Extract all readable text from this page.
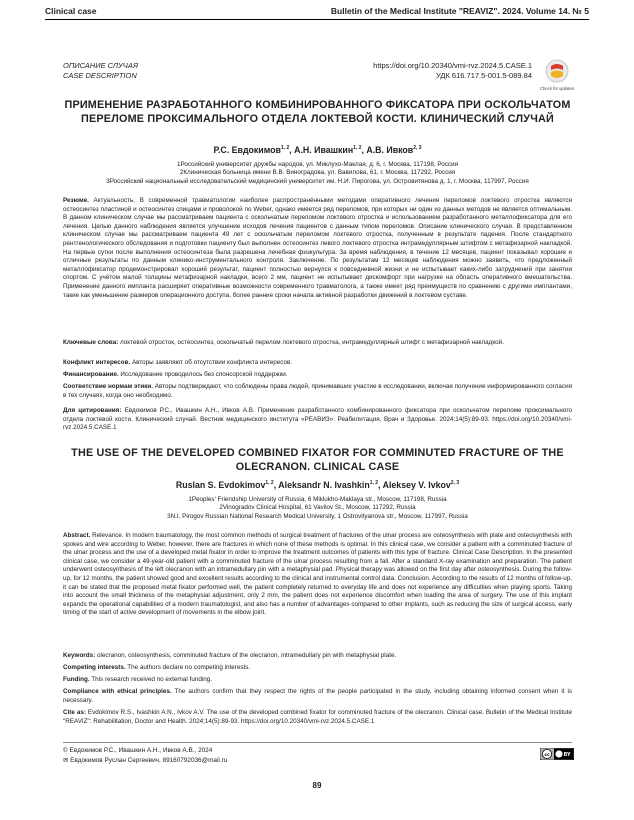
Clinical case	Bulletin of the Medical Institute "REAVIZ". 2024. Volume 14. № 5
ОПИСАНИЕ СЛУЧАЯ
CASE DESCRIPTION
https://doi.org/10.20340/vmi-rvz.2024.5.CASE.1
УДК 616.717.5-001.5-089.84
Check for updates
ПРИМЕНЕНИЕ РАЗРАБОТАННОГО КОМБИНИРОВАННОГО ФИКСАТОРА ПРИ ОСКОЛЬЧАТОМ ПЕРЕЛОМЕ ПРОКСИМАЛЬНОГО ОТДЕЛА ЛОКТЕВОЙ КОСТИ. КЛИНИЧЕСКИЙ СЛУЧАЙ
Р.С. Евдокимов$^{1, 2}$, А.Н. Ивашкин$^{1, 2}$, А.В. Ивков$^{2, 3}$
1Российский университет дружбы народов, ул. Миклухо-Маклая, д. 6, г. Москва, 117198, Россия
2Клиническая больница имени В.В. Виноградова, ул. Вавилова, 61, г. Москва, 117292, Россия
3Российский национальный исследовательский медицинский университет им. Н.И. Пирогова, ул. Островитянова д. 1, г. Москва, 117997, Россия
Резюме. Актуальность. В современной травматологии наиболее распространёнными методами оперативного лечения переломов локтевого отростка являются остеосинтез пластиной и остеосинтез спицами и проволокой по Weber, однако имеется ряд переломов, при которых ни один из данных методов не является оптимальным. В данном клиническом случае мы рассматриваем пациента с оскольчатым переломом локтевого отростка и использованием разработанного металлофиксатора для его лечения. Целью данного наблюдения является улучшение исходов лечения пациентов с данным типом переломов. Описание клинического случая. В представленном клиническом случае мы рассматриваем пациента 49 лет с оскольчатым переломом локтевого отростка, полученным в результате падения. После стандартного рентгенологического обследования и подготовки пациенту был выполнен остеосинтез левого локтевого отростка интрамедуллярным штифтом с метафизарной накладкой. На первые сутки после выполнения остеосинтеза была разрешена лечебная физкультура. За время наблюдения, в течение 12 месяцев, пациент показывал хорошие и отличные результаты по данным клинико-инструментального контроля. Заключение. По результатам 12 месяцев наблюдения можно заявить, что предложенный металлофиксатор продемонстрировал хороший результат, пациент полностью вернулся к повседневной жизни и не испытывает каких-либо затруднений при занятии спортом. С учётом малой толщины метафизарной накладки, всего 2 мм, пациент не испытывает дискомфорт при нагрузке на область оперативного вмешательства. Применение данного импланта расширяет оперативные возможности современного травматолога, а также имеет ряд преимуществ по сравнению с другими имплантами, такие как уменьшение размеров операционного доступа, более ранние сроки начала активной разработки движений в локтевом суставе.
Ключевые слова: локтевой отросток, остеосинтез, оскольчатый перелом локтевого отростка, интрамедуллярный штифт с метафизарной накладкой.
Конфликт интересов. Авторы заявляют об отсутствии конфликта интересов.
Финансирование. Исследование проводилось без спонсорской поддержки.
Соответствие нормам этики. Авторы подтверждают, что соблюдены права людей, принимавших участие в исследовании, включая получение информированного согласия в тех случаях, когда оно необходимо.
Для цитирования: Евдокимов Р.С., Ивашкин А.Н., Ивков А.В. Применение разработанного комбинированного фиксатора при оскольчатом переломе проксимального отдела локтевой кости. Клинический случай. Вестник медицинского института «РЕАВИЗ»: Реабилитация, Врач и Здоровье. 2024;14(5):89-93. https://doi.org/10.20340/vmi-rvz.2024.5.CASE.1
THE USE OF THE DEVELOPED COMBINED FIXATOR FOR COMMINUTED FRACTURE OF THE OLECRANON. CLINICAL CASE
Ruslan S. Evdokimov$^{1, 2}$, Aleksandr N. Ivashkin$^{1, 2}$, Aleksey V. Ivkov$^{2, 3}$
1Peoples' Friendship University of Russia, 6 Miklukho-Maklaya str., Moscow, 117198, Russia
2Vinogradov Clinical Hospital, 61 Vavilov St., Moscow, 117292, Russia
3N.I. Pirogov Russian National Research Medical University, 1 Ostrovityanova str., Moscow, 117997, Russia
Abstract. Relevance. In modern traumatology, the most common methods of surgical treatment of fractures of the ulnar process are osteosynthesis with plate and osteosynthesis with spokes and wire according to Weber, however, there are fractures in which none of these methods is optimal. In this clinical case, we consider a patient with a comminuted fracture of the ulnar process and the use of a developed metal fixator in order to improve the treatment outcomes of patients with this type of fracture. Clinical Case Description. In the presented clinical case, we consider a 49-year-old patient with a comminuted fracture of the ulnar process resulting from a fall. After a standard X-ray examination and preparation. The patient underwent osteosynthesis of the left olecranon with an intramedullary pin with a metaphysial pad. Physical therapy was allowed on the first day after osteosynthesis. During the follow-up, for 12 months, the patient showed good and excellent results according to the clinical and instrumental control data. Conclusion. According to the results of 12 months of follow-up, it can be stated that the proposed metal fixator performed well, the patient completely returned to everyday life and does not experience any difficulties when playing sports. Taking into account the small thickness of the metaphysial adjustment, only 2 mm, the patient does not experience discomfort when loading the area of surgery. The use of this implant expands the operational capabilities of a modern traumatologist, and also has a number of advantages compared to other implants, such as reducing the size of surgical access, early timing of the start of active development of movements in the elbow joint.
Keywords: olecranon, osteosynthesis, comminuted fracture of the olecranon, intramedullary pin with metaphysial plate.
Competing interests. The authors declare no competing interests.
Funding. This research received no external funding.
Compliance with ethical principles. The authors confirm that they respect the rights of the people participated in the study, including obtaining informed consent when it is necessary.
Cite as: Evdokimov R.S., Ivashkin A.N., Ivkov A.V. The use of the developed combined fixator for comminuted fracture of the olecranon. Clinical case. Bulletin of the Medical Institute "REAVIZ": Rehabilitation, Doctor and Health. 2024;14(5):89-93. https://doi.org/10.20340/vmi-rvz.2024.5.CASE.1
© Евдокимов Р.С., Ивашкин А.Н., Ивков А.В., 2024
✉ Евдокимов Руслан Сергеевич, 89160792036@mail.ru
cc	BY
89
